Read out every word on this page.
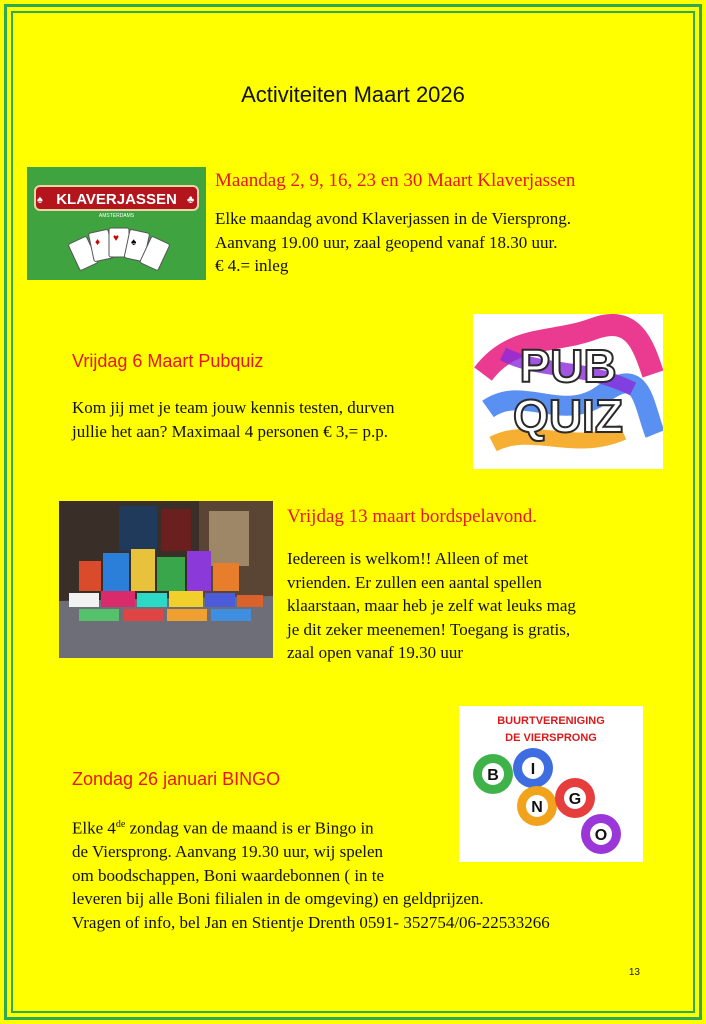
Activiteiten Maart 2026
KLAVERJASSEN
AMSTERDAMS
♠	♣
♥ ♠
♦
Maandag 2, 9, 16, 23 en 30 Maart Klaverjassen
Elke maandag avond Klaverjassen in de Viersprong.
Aanvang 19.00 uur, zaal geopend vanaf 18.30 uur.
€ 4.= inleg
Vrijdag 6 Maart Pubquiz
Kom jij met je team jouw kennis testen, durven
jullie het aan? Maximaal 4 personen € 3,= p.p.
PUB
QUIZ
Vrijdag 13 maart bordspelavond.
Iedereen is welkom!! Alleen of met
vrienden. Er zullen een aantal spellen
klaarstaan, maar heb je zelf wat leuks mag
je dit zeker meenemen! Toegang is gratis,
zaal open vanaf 19.30 uur
BUURTVERENIGING
DE VIERSPRONG
B I
N G
O
Zondag 26 januari BINGO
Elke 4de zondag van de maand is er Bingo in
de Viersprong. Aanvang 19.30 uur, wij spelen
om boodschappen, Boni waardebonnen ( in te
leveren bij alle Boni filialen in de omgeving) en geldprijzen.
Vragen of info, bel Jan en Stientje Drenth 0591- 352754/06-22533266
13
